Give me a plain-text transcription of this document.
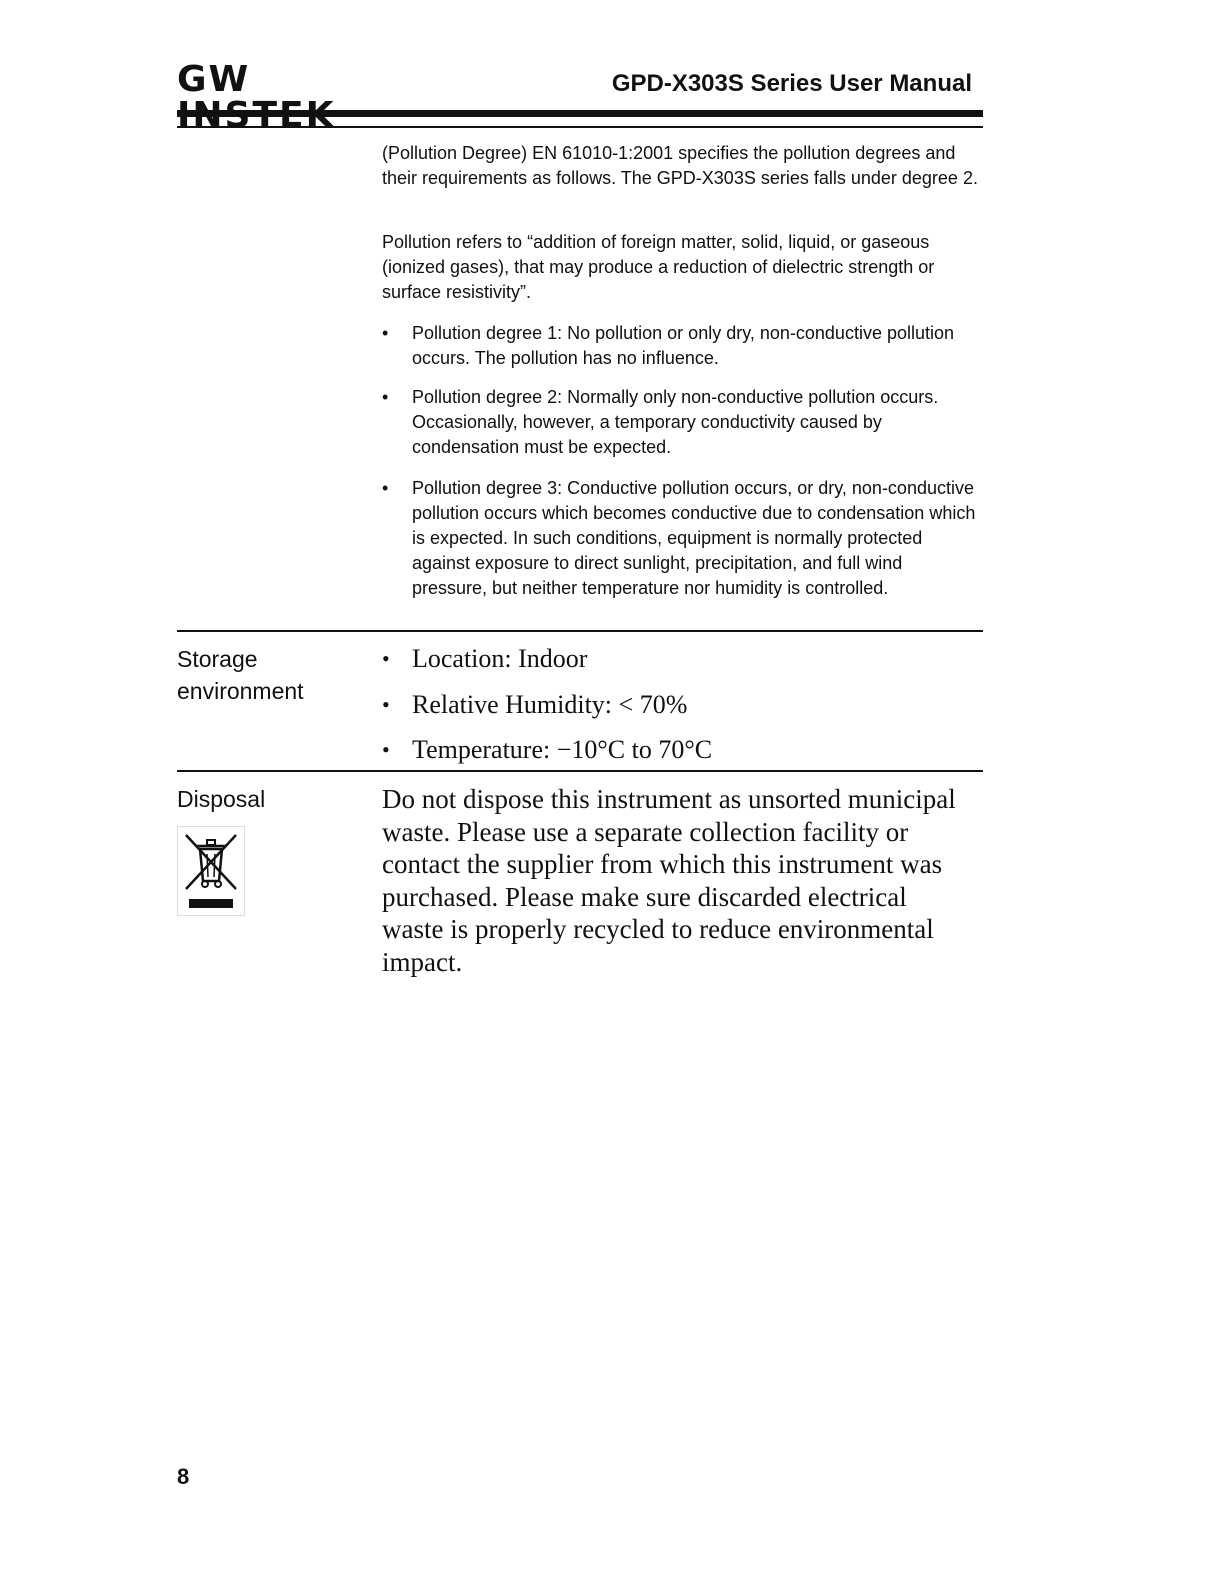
GW	GPD-X303S Series User Manual
(Pollution Degree) EN 61010-1:2001 specifies the pollution degrees and their requirements as follows. The GPD-X303S series falls under degree 2.
Pollution refers to “addition of foreign matter, solid, liquid, or gaseous (ionized gases), that may produce a reduction of dielectric strength or surface resistivity”.
• Pollution degree 1: No pollution or only dry, non-conductive pollution occurs. The pollution has no influence.
• Pollution degree 2: Normally only non-conductive pollution occurs. Occasionally, however, a temporary conductivity caused by condensation must be expected.
• Pollution degree 3: Conductive pollution occurs, or dry, non-conductive pollution occurs which becomes conductive due to condensation which is expected. In such conditions, equipment is normally protected against exposure to direct sunlight, precipitation, and full wind pressure, but neither temperature nor humidity is controlled.
Storage
environment
• Location: Indoor
• Relative Humidity: < 70%
• Temperature: −10°C to 70°C
Disposal	Do not dispose this instrument as unsorted municipal waste. Please use a separate collection facility or contact the supplier from which this instrument was purchased. Please make sure discarded electrical waste is properly recycled to reduce environmental impact.
8
